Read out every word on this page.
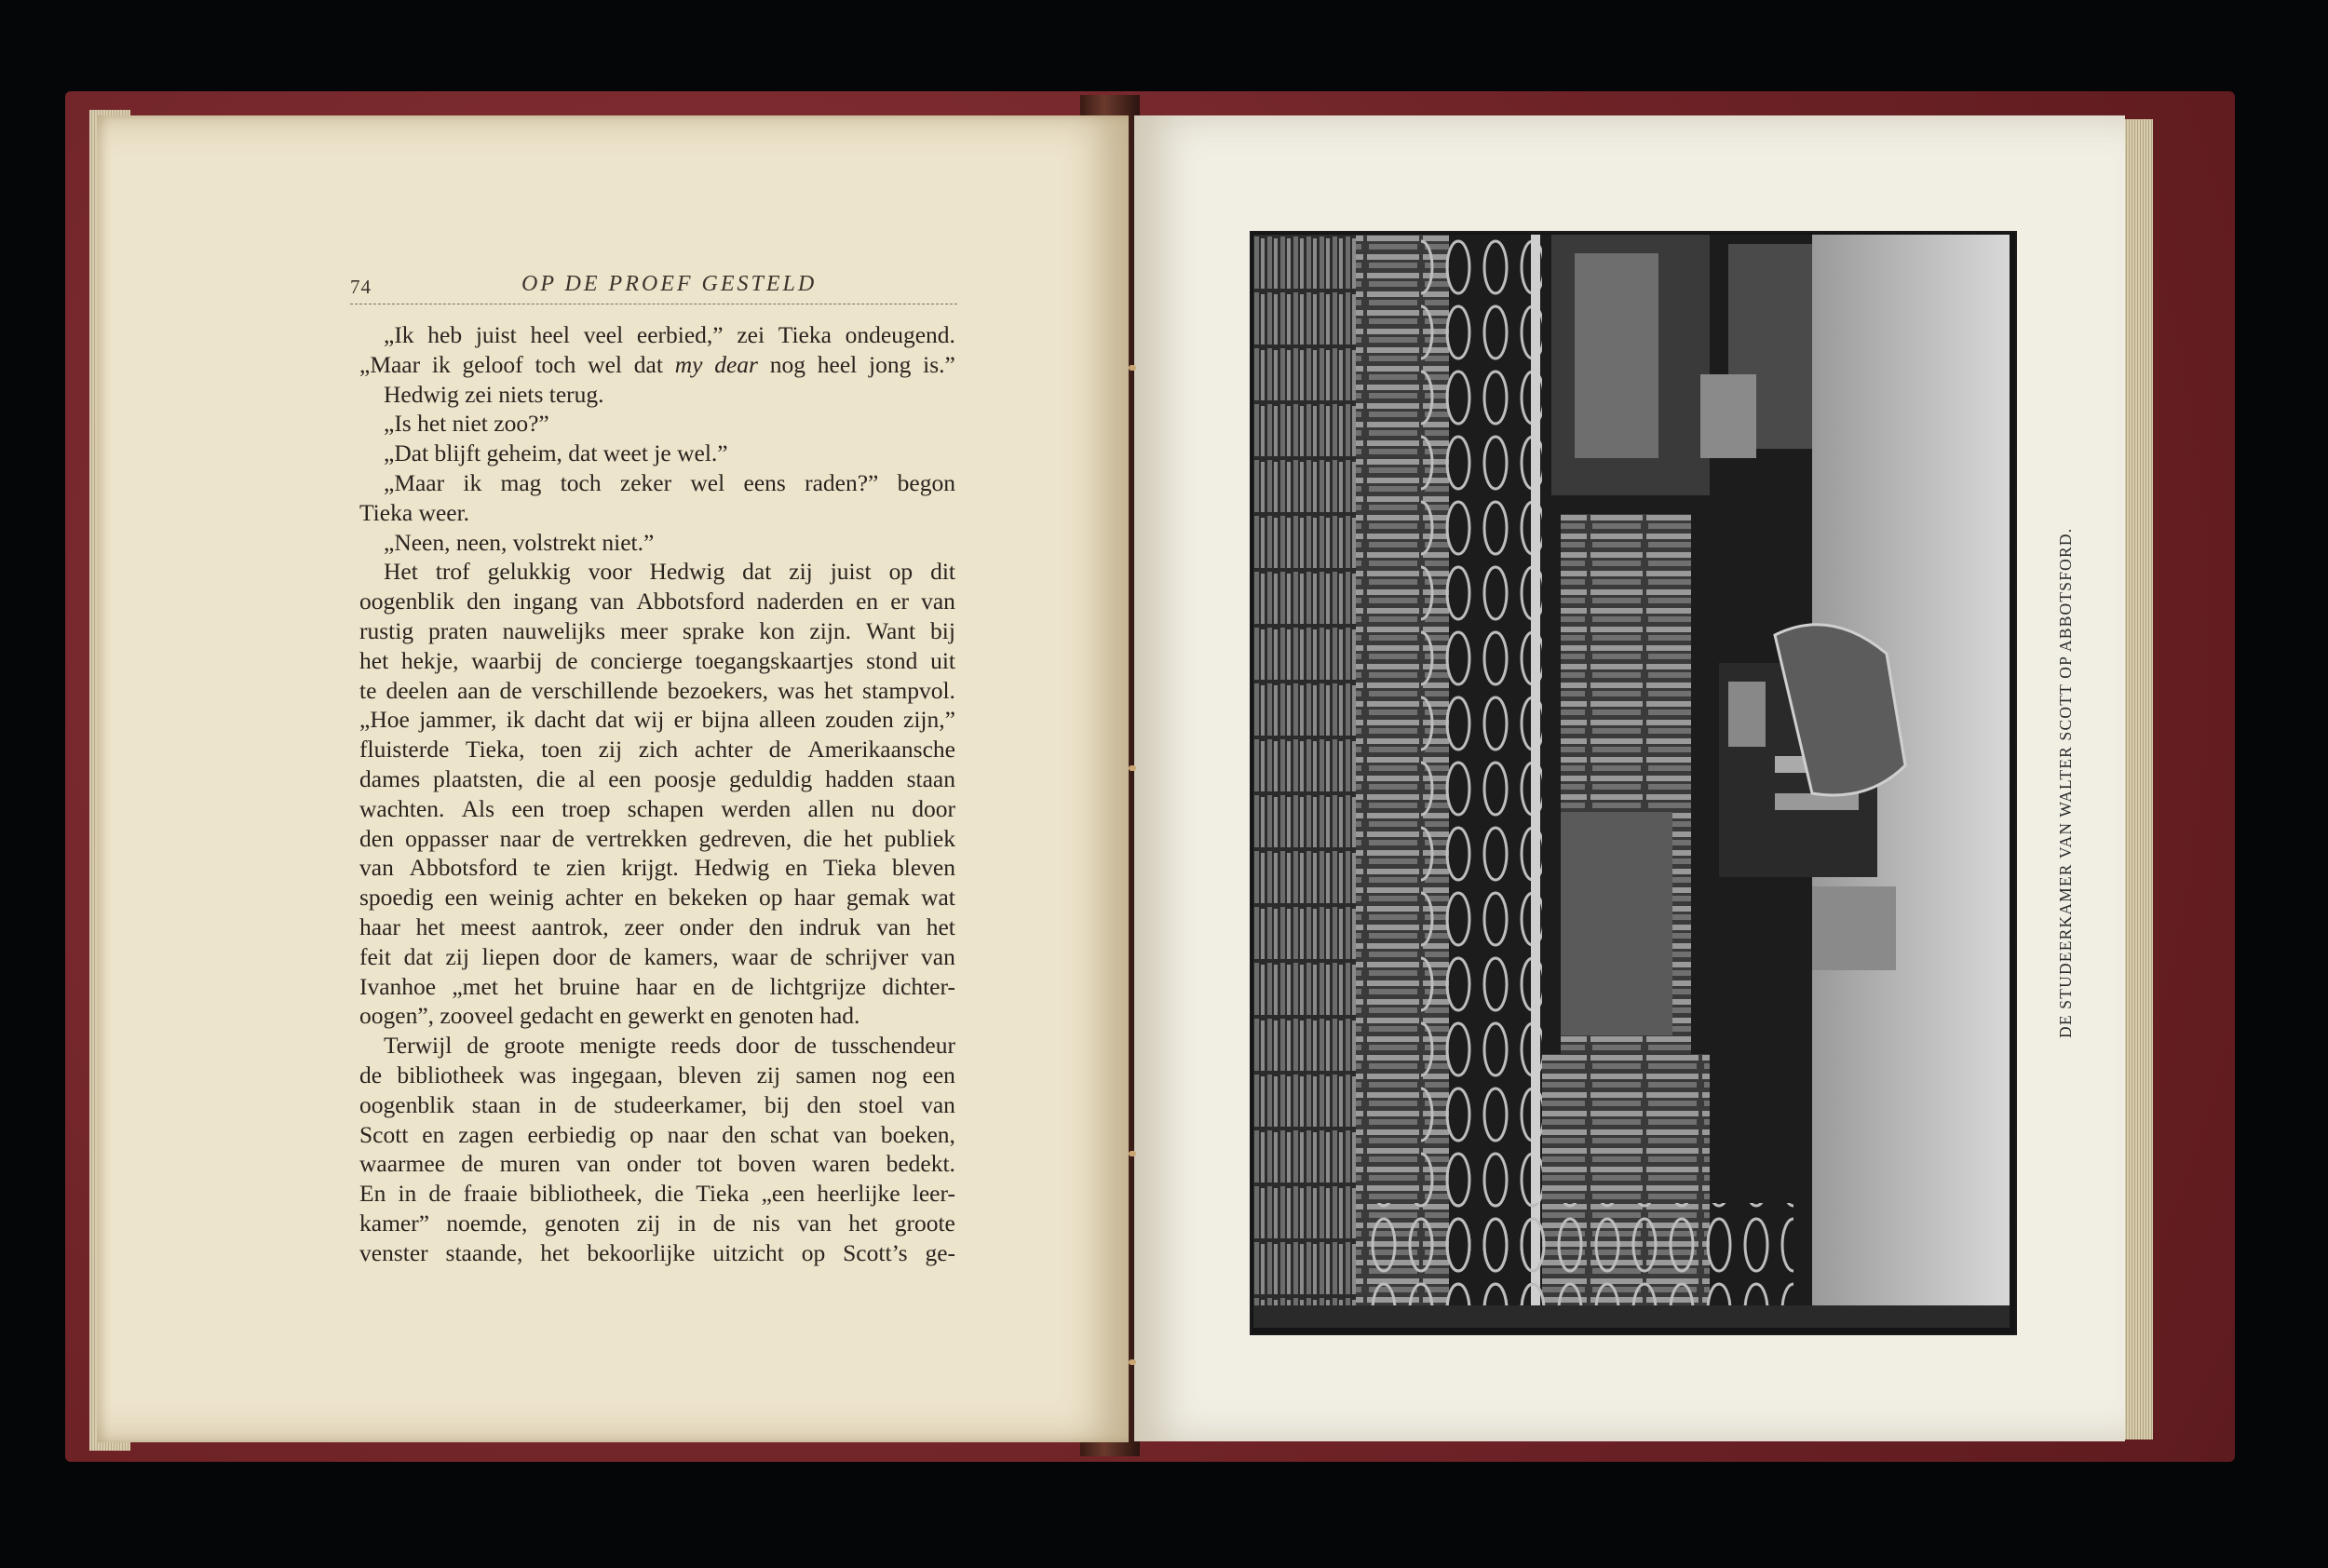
74	OP DE PROEF GESTELD
„Ik heb juist heel veel eerbied,” zei Tieka ondeugend.
„Maar ik geloof toch wel dat my dear nog heel jong is.”
Hedwig zei niets terug.
„Is het niet zoo?”
„Dat blijft geheim, dat weet je wel.”
„Maar ik mag toch zeker wel eens raden?” begon
Tieka weer.
„Neen, neen, volstrekt niet.”
Het trof gelukkig voor Hedwig dat zij juist op dit
oogenblik den ingang van Abbotsford naderden en er van
rustig praten nauwelijks meer sprake kon zijn. Want bij
het hekje, waarbij de concierge toegangskaartjes stond uit
te deelen aan de verschillende bezoekers, was het stampvol.
„Hoe jammer, ik dacht dat wij er bijna alleen zouden zijn,”
fluisterde Tieka, toen zij zich achter de Amerikaansche
dames plaatsten, die al een poosje geduldig hadden staan
wachten. Als een troep schapen werden allen nu door
den oppasser naar de vertrekken gedreven, die het publiek
van Abbotsford te zien krijgt. Hedwig en Tieka bleven
spoedig een weinig achter en bekeken op haar gemak wat
haar het meest aantrok, zeer onder den indruk van het
feit dat zij liepen door de kamers, waar de schrijver van
Ivanhoe „met het bruine haar en de lichtgrijze dichter-
oogen”, zooveel gedacht en gewerkt en genoten had.
Terwijl de groote menigte reeds door de tusschendeur
de bibliotheek was ingegaan, bleven zij samen nog een
oogenblik staan in de studeerkamer, bij den stoel van
Scott en zagen eerbiedig op naar den schat van boeken,
waarmee de muren van onder tot boven waren bedekt.
En in de fraaie bibliotheek, die Tieka „een heerlijke leer-
kamer” noemde, genoten zij in de nis van het groote
venster staande, het bekoorlijke uitzicht op Scott’s ge-
DE STUDEERKAMER VAN WALTER SCOTT OP ABBOTSFORD.
